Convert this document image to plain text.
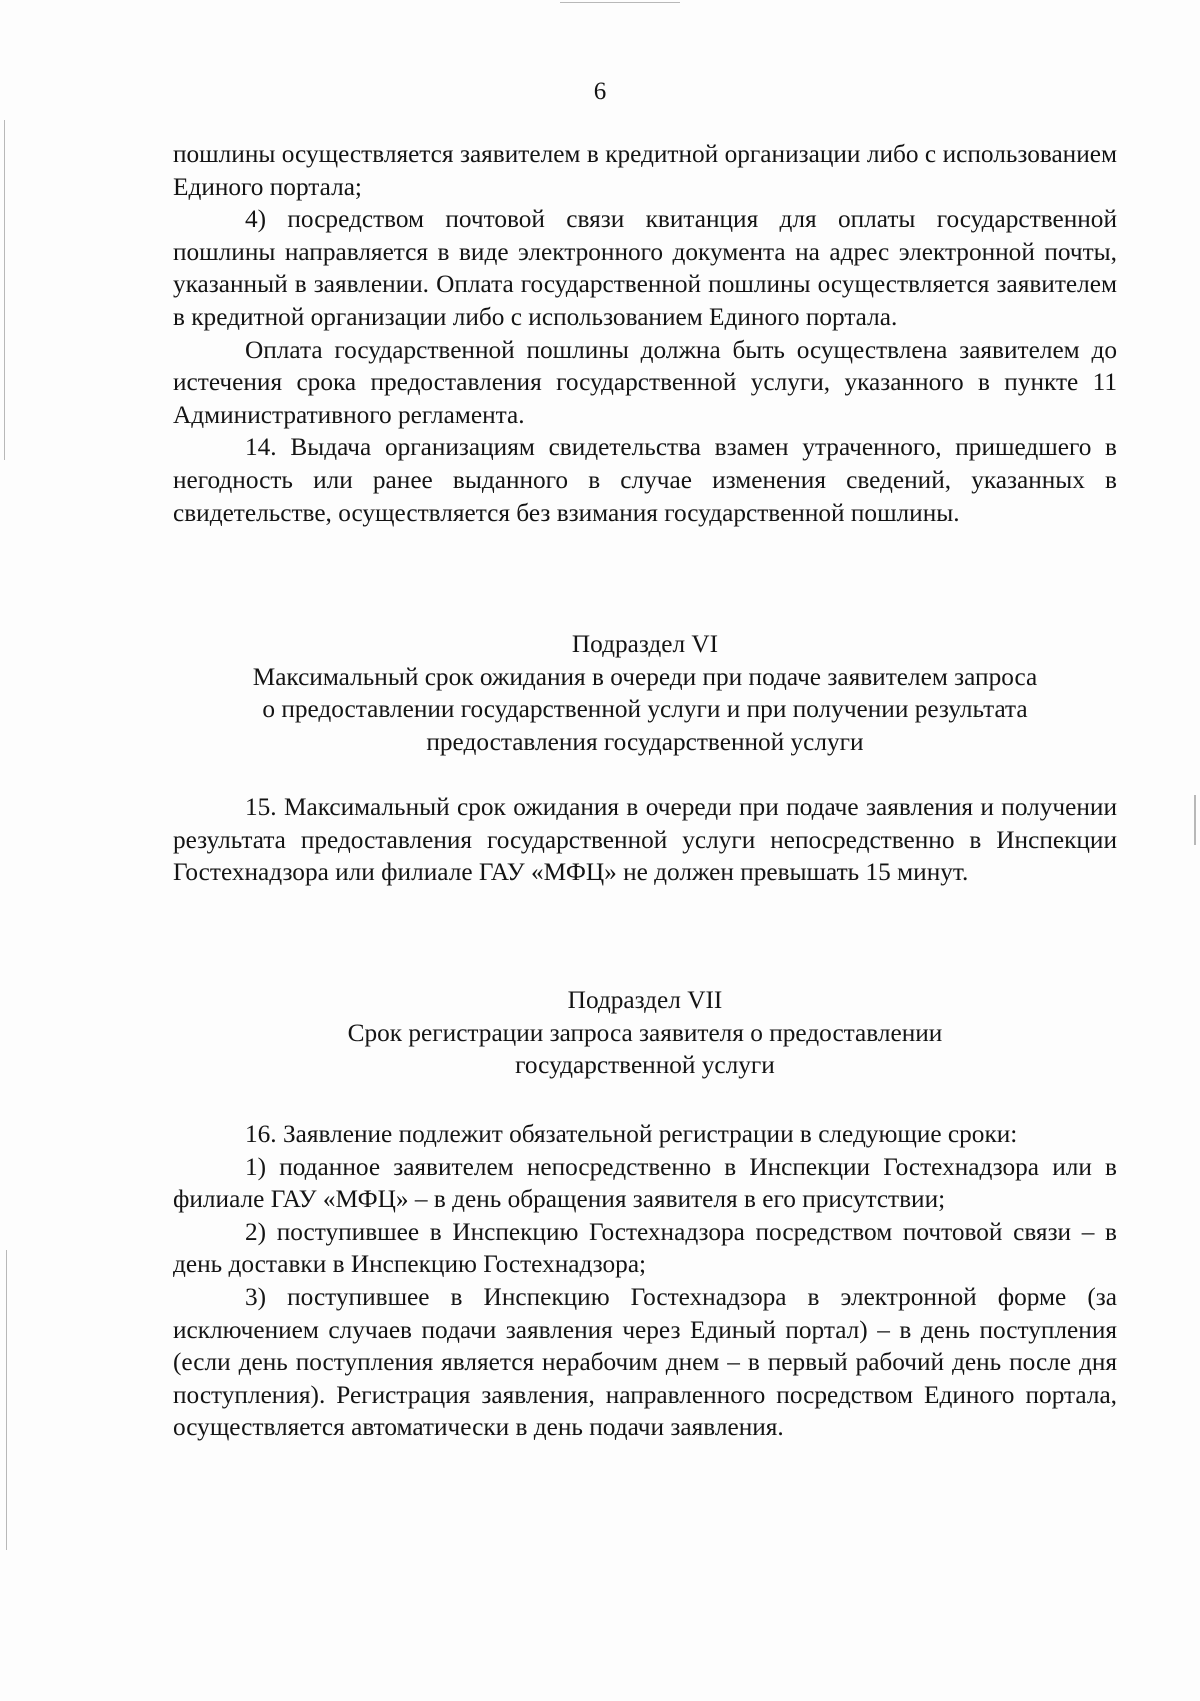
6

пошлины осуществляется заявителем в кредитной организации либо с использованием Единого портала;

4) посредством почтовой связи квитанция для оплаты государственной пошлины направляется в виде электронного документа на адрес электронной почты, указанный в заявлении. Оплата государственной пошлины осуществляется заявителем в кредитной организации либо с использованием Единого портала.

Оплата государственной пошлины должна быть осуществлена заявителем до истечения срока предоставления государственной услуги, указанного в пункте 11 Административного регламента.

14. Выдача организациям свидетельства взамен утраченного, пришедшего в негодность или ранее выданного в случае изменения сведений, указанных в свидетельстве, осуществляется без взимания государственной пошлины.

Подраздел VI
Максимальный срок ожидания в очереди при подаче заявителем запроса
о предоставлении государственной услуги и при получении результата
предоставления государственной услуги

15. Максимальный срок ожидания в очереди при подаче заявления и получении результата предоставления государственной услуги непосредственно в Инспекции Гостехнадзора или филиале ГАУ «МФЦ» не должен превышать 15 минут.

Подраздел VII
Срок регистрации запроса заявителя о предоставлении
государственной услуги

16. Заявление подлежит обязательной регистрации в следующие сроки:

1) поданное заявителем непосредственно в Инспекции Гостехнадзора или в филиале ГАУ «МФЦ» – в день обращения заявителя в его присутствии;

2) поступившее в Инспекцию Гостехнадзора посредством почтовой связи – в день доставки в Инспекцию Гостехнадзора;

3) поступившее в Инспекцию Гостехнадзора в электронной форме (за исключением случаев подачи заявления через Единый портал) – в день поступления (если день поступления является нерабочим днем – в первый рабочий день после дня поступления). Регистрация заявления, направленного посредством Единого портала, осуществляется автоматически в день подачи заявления.
